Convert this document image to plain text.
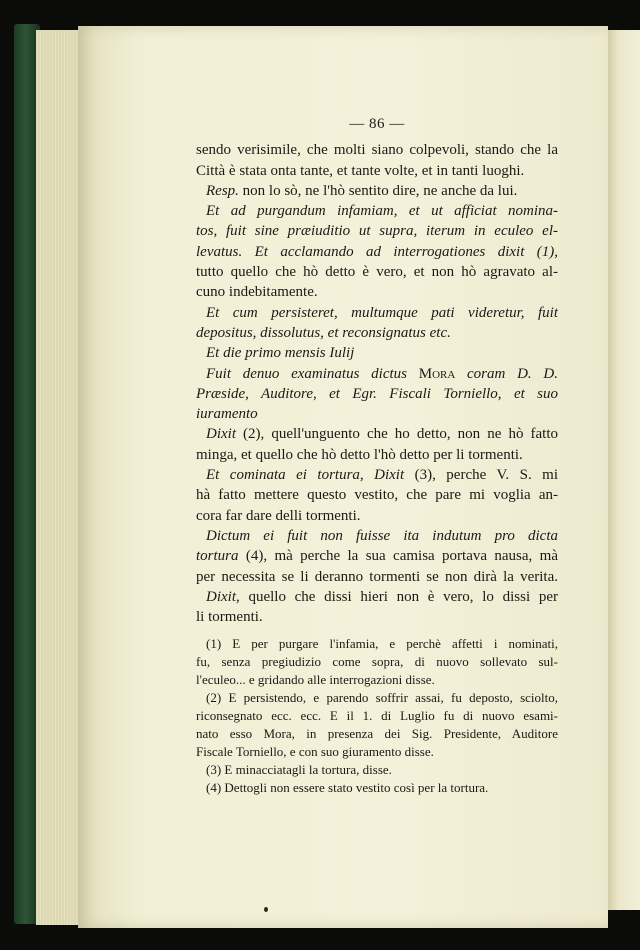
— 86 —
sendo verisimile, che molti siano colpevoli, stando che la
Città è stata onta tante, et tante volte, et in tanti luoghi.
Resp. non lo sò, ne l'hò sentito dire, ne anche da lui.
Et ad purgandum infamiam, et ut afficiat nomina-
tos, fuit sine præiuditio ut supra, iterum in eculeo el-
levatus. Et acclamando ad interrogationes dixit (1),
tutto quello che hò detto è vero, et non hò agravato al-
cuno indebitamente.
Et cum persisteret, multumque pati videretur, fuit
depositus, dissolutus, et reconsignatus etc.
Et die primo mensis Iulij
Fuit denuo examinatus dictus Mora coram D. D.
Præside, Auditore, et Egr. Fiscali Torniello, et suo
iuramento
Dixit (2), quell'unguento che ho detto, non ne hò fatto
minga, et quello che hò detto l'hò detto per li tormenti.
Et cominata ei tortura, Dixit (3), perche V. S. mi
hà fatto mettere questo vestito, che pare mi voglia an-
cora far dare delli tormenti.
Dictum ei fuit non fuisse ita indutum pro dicta
tortura (4), mà perche la sua camisa portava nausa, mà
per necessita se li deranno tormenti se non dirà la verita.
Dixit, quello che dissi hieri non è vero, lo dissi per
li tormenti.
(1) E per purgare l'infamia, e perchè affetti i nominati,
fu, senza pregiudizio come sopra, di nuovo sollevato sul-
l'eculeo... e gridando alle interrogazioni disse.
(2) E persistendo, e parendo soffrir assai, fu deposto, sciolto,
riconsegnato ecc. ecc. E il 1. di Luglio fu di nuovo esami-
nato esso Mora, in presenza dei Sig. Presidente, Auditore
Fiscale Torniello, e con suo giuramento disse.
(3) E minacciatagli la tortura, disse.
(4) Dettogli non essere stato vestito così per la tortura.
